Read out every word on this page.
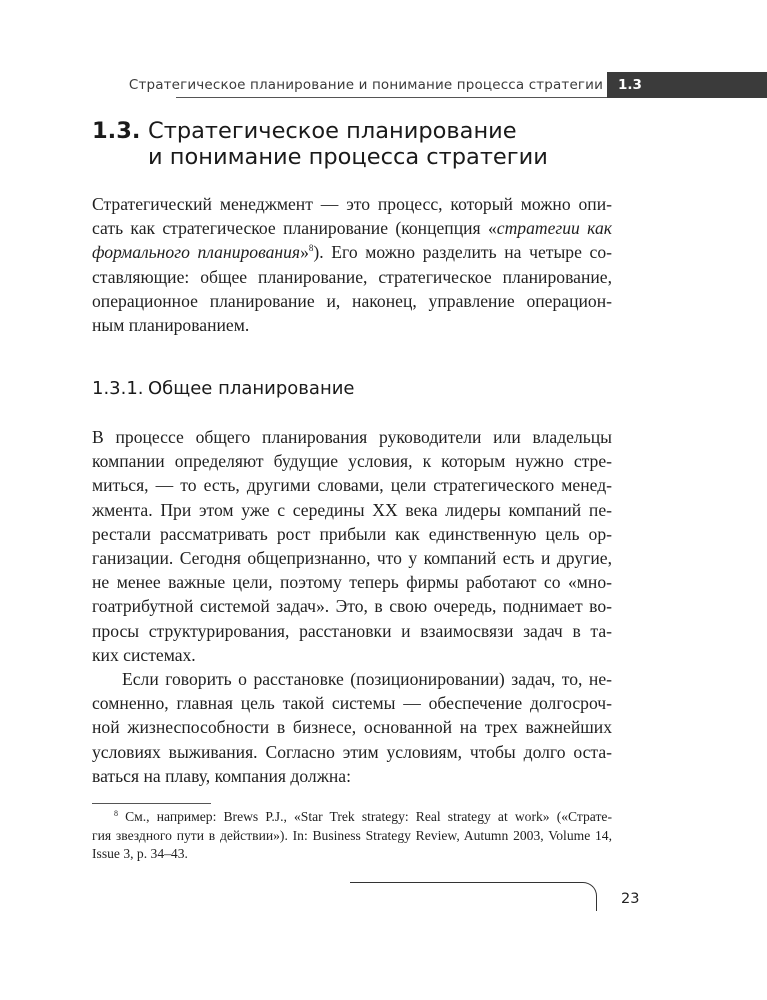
Стратегическое планирование и понимание процесса стратегии	1.3
1.3. Стратегическое планирование
и понимание процесса стратегии
Стратегический менеджмент — это процесс, который можно опи-
сать как стратегическое планирование (концепция «стратегии как
формального планирования»$^8$). Его можно разделить на четыре со-
ставляющие: общее планирование, стратегическое планирование,
операционное планирование и, наконец, управление операцион-
ным планированием.
1.3.1. Общее планирование
В процессе общего планирования руководители или владельцы
компании определяют будущие условия, к которым нужно стре-
миться, — то есть, другими словами, цели стратегического менед-
жмента. При этом уже с середины XX века лидеры компаний пе-
рестали рассматривать рост прибыли как единственную цель ор-
ганизации. Сегодня общепризнанно, что у компаний есть и другие,
не менее важные цели, поэтому теперь фирмы работают со «мно-
гоатрибутной системой задач». Это, в свою очередь, поднимает во-
просы структурирования, расстановки и взаимосвязи задач в та-
ких системах.
Если говорить о расстановке (позиционировании) задач, то, не-
сомненно, главная цель такой системы — обеспечение долгосроч-
ной жизнеспособности в бизнесе, основанной на трех важнейших
условиях выживания. Согласно этим условиям, чтобы долго оста-
ваться на плаву, компания должна:
$^8$ См., например: Brews P.J., «Star Trek strategy: Real strategy at work» («Страте-
гия звездного пути в действии»). In: Business Strategy Review, Autumn 2003, Volume 14,
Issue 3, p. 34–43.
23
